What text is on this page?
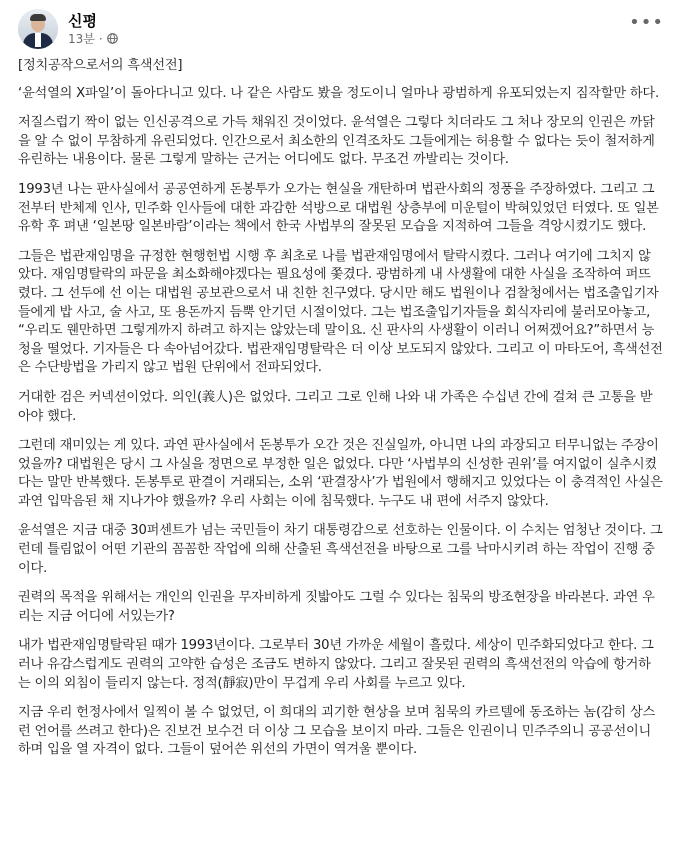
신평
13분 ·
•••

[정치공작으로서의 흑색선전]

‘윤석열의 X파일’이 돌아다니고 있다. 나 같은 사람도 봤을 정도이니 얼마나 광범하게 유포되었는지 짐작할만 하다.

저질스럽기 짝이 없는 인신공격으로 가득 채워진 것이었다. 윤석열은 그렇다 치더라도 그 처나 장모의 인권은 까닭을 알 수 없이 무참하게 유린되었다. 인간으로서 최소한의 인격조차도 그들에게는 허용할 수 없다는 듯이 철저하게 유린하는 내용이다. 물론 그렇게 말하는 근거는 어디에도 없다. 무조건 까발리는 것이다.

1993년 나는 판사실에서 공공연하게 돈봉투가 오가는 현실을 개탄하며 법관사회의 정풍을 주장하였다. 그리고 그 전부터 반체제 인사, 민주화 인사들에 대한 과감한 석방으로 대법원 상층부에 미운털이 박혀있었던 터였다. 또 일본유학 후 펴낸 ‘일본땅 일본바람’이라는 책에서 한국 사법부의 잘못된 모습을 지적하여 그들을 격앙시켰기도 했다.

그들은 법관재임명을 규정한 현행헌법 시행 후 최초로 나를 법관재임명에서 탈락시켰다. 그러나 여기에 그치지 않았다. 재임명탈락의 파문을 최소화해야겠다는 필요성에 쫓겼다. 광범하게 내 사생활에 대한 사실을 조작하여 퍼뜨렸다. 그 선두에 선 이는 대법원 공보관으로서 내 친한 친구였다. 당시만 해도 법원이나 검찰청에서는 법조출입기자들에게 밥 사고, 술 사고, 또 용돈까지 듬뿍 안기던 시절이었다. 그는 법조출입기자들을 회식자리에 불러모아놓고, “우리도 웬만하면 그렇게까지 하려고 하지는 않았는데 말이요. 신 판사의 사생활이 이러니 어쩌겠어요?”하면서 능청을 떨었다. 기자들은 다 속아넘어갔다. 법관재임명탈락은 더 이상 보도되지 않았다. 그리고 이 마타도어, 흑색선전은 수단방법을 가리지 않고 법원 단위에서 전파되었다.

거대한 검은 커넥션이었다. 의인(義人)은 없었다. 그리고 그로 인해 나와 내 가족은 수십년 간에 걸쳐 큰 고통을 받아야 했다.

그런데 재미있는 게 있다. 과연 판사실에서 돈봉투가 오간 것은 진실일까, 아니면 나의 과장되고 터무니없는 주장이었을까? 대법원은 당시 그 사실을 정면으로 부정한 일은 없었다. 다만 ‘사법부의 신성한 권위’를 여지없이 실추시켰다는 말만 반복했다. 돈봉투로 판결이 거래되는, 소위 ‘판결장사’가 법원에서 행해지고 있었다는 이 충격적인 사실은 과연 입막음된 채 지나가야 했을까? 우리 사회는 이에 침묵했다. 누구도 내 편에 서주지 않았다.

윤석열은 지금 대중 30퍼센트가 넘는 국민들이 차기 대통령감으로 선호하는 인물이다. 이 수치는 엄청난 것이다. 그런데 틀림없이 어떤 기관의 꼼꼼한 작업에 의해 산출된 흑색선전을 바탕으로 그를 낙마시키려 하는 작업이 진행 중이다.

권력의 목적을 위해서는 개인의 인권을 무자비하게 짓밟아도 그럴 수 있다는 침묵의 방조현장을 바라본다. 과연 우리는 지금 어디에 서있는가?

내가 법관재임명탈락된 때가 1993년이다. 그로부터 30년 가까운 세월이 흘렀다. 세상이 민주화되었다고 한다. 그러나 유감스럽게도 권력의 고약한 습성은 조금도 변하지 않았다. 그리고 잘못된 권력의 흑색선전의 악습에 항거하는 이의 외침이 들리지 않는다. 정적(靜寂)만이 무겁게 우리 사회를 누르고 있다.

지금 우리 헌정사에서 일찍이 볼 수 없었던, 이 희대의 괴기한 현상을 보며 침묵의 카르텔에 동조하는 놈(감히 상스런 언어를 쓰려고 한다)은 진보건 보수건 더 이상 그 모습을 보이지 마라. 그들은 인권이니 민주주의니 공공선이니 하며 입을 열 자격이 없다. 그들이 덮어쓴 위선의 가면이 역겨울 뿐이다.
